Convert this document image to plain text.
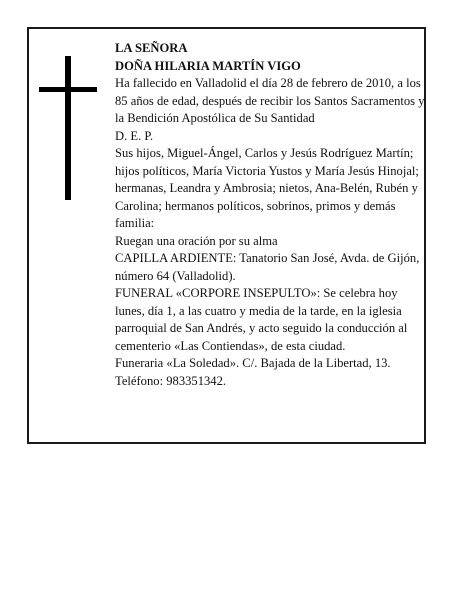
LA SEÑORA

DOÑA HILARIA MARTÍN VIGO

Ha fallecido en Valladolid el día 28 de febrero de 2010, a los 85 años de edad, después de recibir los Santos Sacramentos y la Bendición Apostólica de Su Santidad

D. E. P.

Sus hijos, Miguel-Ángel, Carlos y Jesús Rodríguez Martín; hijos políticos, María Victoria Yustos y María Jesús Hinojal; hermanas, Leandra y Ambrosia; nietos, Ana-Belén, Rubén y Carolina; hermanos políticos, sobrinos, primos y demás familia:

Ruegan una oración por su alma

CAPILLA ARDIENTE: Tanatorio San José, Avda. de Gijón, número 64 (Valladolid).

FUNERAL «CORPORE INSEPULTO»: Se celebra hoy lunes, día 1, a las cuatro y media de la tarde, en la iglesia parroquial de San Andrés, y acto seguido la conducción al cementerio «Las Contiendas», de esta ciudad.

Funeraria «La Soledad». C/. Bajada de la Libertad, 13. Teléfono: 983351342.
